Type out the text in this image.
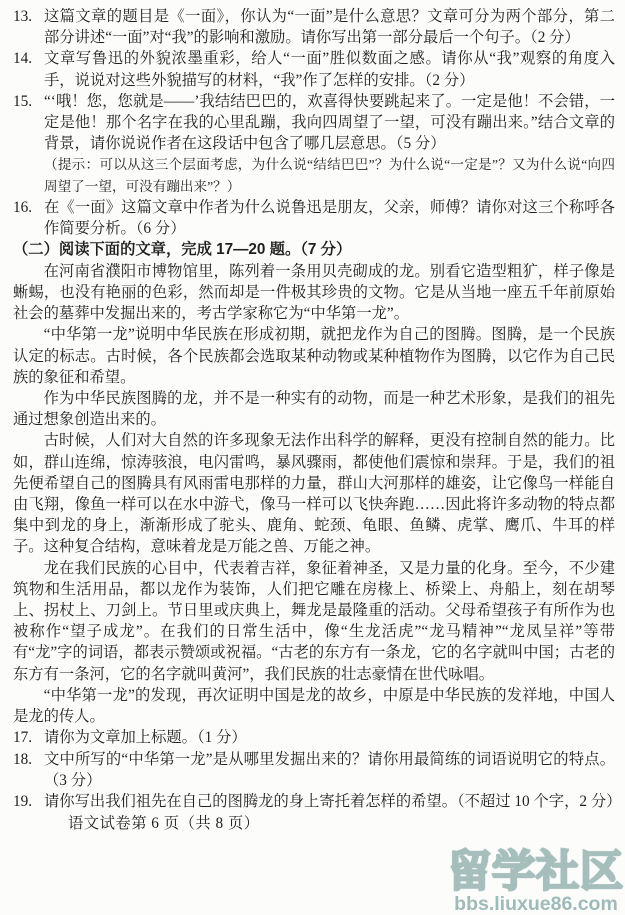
13. 这篇文章的题目是《一面》，你认为“一面”是什么意思？文章可分为两个部分，第二部分讲述“一面”对“我”的影响和激励。请你写出第一部分最后一个句子。（2 分）
14. 文章写鲁迅的外貌浓墨重彩，给人“一面”胜似数面之感。请你从“我”观察的角度入手，说说对这些外貌描写的材料，“我”作了怎样的安排。（2 分）
15. “‘哦！您，您就是——’我结结巴巴的，欢喜得快要跳起来了。一定是他！不会错，一定是他！那个名字在我的心里乱蹦，我向四周望了一望，可没有蹦出来。”结合文章的背景，请你说说作者在这段话中包含了哪几层意思。（5 分）
（提示：可以从这三个层面考虑，为什么说“结结巴巴”？为什么说“一定是”？又为什么说“向四周望了一望，可没有蹦出来”？）
16. 在《一面》这篇文章中作者为什么说鲁迅是朋友，父亲，师傅？请你对这三个称呼各作简要分析。（6 分）
（二）阅读下面的文章，完成 17—20 题。（7 分）

在河南省濮阳市博物馆里，陈列着一条用贝壳砌成的龙。别看它造型粗犷，样子像是蜥蜴，也没有艳丽的色彩，然而却是一件极其珍贵的文物。它是从当地一座五千年前原始社会的墓葬中发掘出来的，考古学家称它为“中华第一龙”。

“中华第一龙”说明中华民族在形成初期，就把龙作为自己的图腾。图腾，是一个民族认定的标志。古时候，各个民族都会选取某种动物或某种植物作为图腾，以它作为自己民族的象征和希望。

作为中华民族图腾的龙，并不是一种实有的动物，而是一种艺术形象，是我们的祖先通过想象创造出来的。

古时候，人们对大自然的许多现象无法作出科学的解释，更没有控制自然的能力。比如，群山连绵，惊涛骇浪，电闪雷鸣，暴风骤雨，都使他们震惊和崇拜。于是，我们的祖先便希望自己的图腾具有风雨雷电那样的力量，群山大河那样的雄姿，让它像鸟一样能自由飞翔，像鱼一样可以在水中游弋，像马一样可以飞快奔跑……因此将许多动物的特点都集中到龙的身上，渐渐形成了驼头、鹿角、蛇颈、龟眼、鱼鳞、虎掌、鹰爪、牛耳的样子。这种复合结构，意味着龙是万能之兽、万能之神。

龙在我们民族的心目中，代表着吉祥，象征着神圣，又是力量的化身。至今，不少建筑物和生活用品，都以龙作为装饰，人们把它雕在房椽上、桥梁上、舟船上，刻在胡琴上、拐杖上、刀剑上。节日里或庆典上，舞龙是最隆重的活动。父母希望孩子有所作为也被称作“望子成龙”。在我们的日常生活中，像“生龙活虎”“龙马精神”“龙凤呈祥”等带有“龙”字的词语，都表示赞颂或祝福。“古老的东方有一条龙，它的名字就叫中国；古老的东方有一条河，它的名字就叫黄河”，我们民族的壮志豪情在世代咏唱。

“中华第一龙”的发现，再次证明中国是龙的故乡，中原是中华民族的发祥地，中国人是龙的传人。

17. 请你为文章加上标题。（1 分）
18. 文中所写的“中华第一龙”是从哪里发掘出来的？请你用最简练的词语说明它的特点。（3 分）
19. 请你写出我们祖先在自己的图腾龙的身上寄托着怎样的希望。（不超过 10 个字，2 分）
语文试卷第 6 页（共 8 页）
留学社区
bbs.liuxue86.com
